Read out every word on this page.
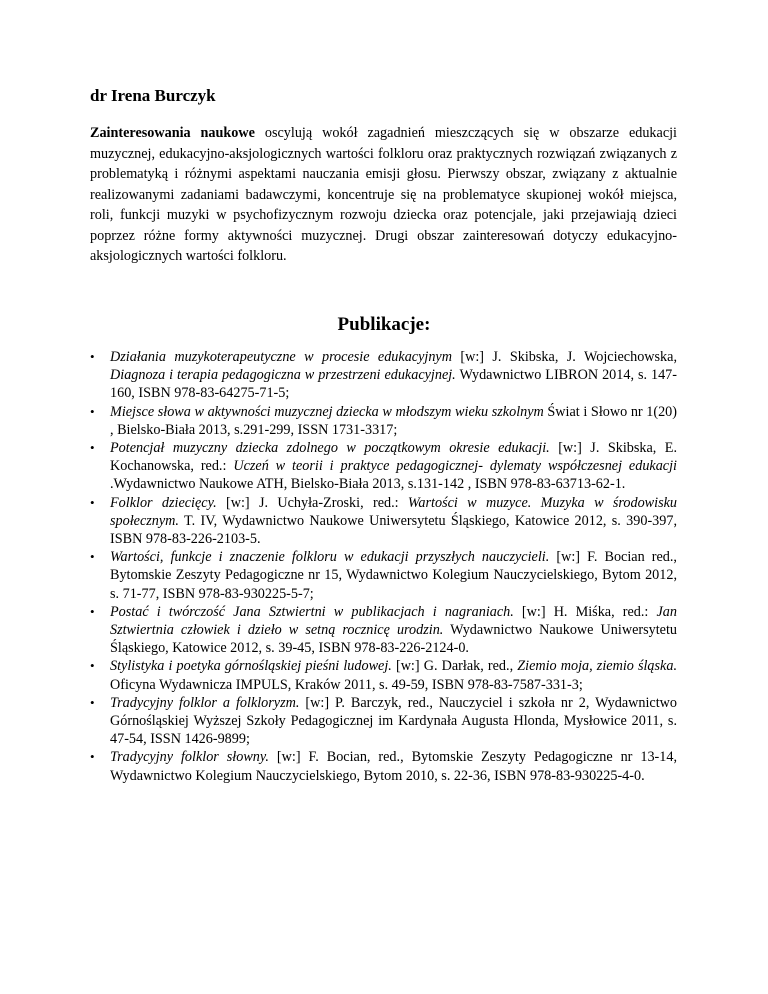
dr Irena Burczyk

Zainteresowania naukowe oscylują wokół zagadnień mieszczących się w obszarze edukacji muzycznej, edukacyjno-aksjologicznych wartości folkloru oraz praktycznych rozwiązań związanych z problematyką i różnymi aspektami nauczania emisji głosu. Pierwszy obszar, związany z aktualnie realizowanymi zadaniami badawczymi, koncentruje się na problematyce skupionej wokół miejsca, roli, funkcji muzyki w psychofizycznym rozwoju dziecka oraz potencjale, jaki przejawiają dzieci poprzez różne formy aktywności muzycznej. Drugi obszar zainteresowań dotyczy edukacyjno-aksjologicznych wartości folkloru.

Publikacje:
• Działania muzykoterapeutyczne w procesie edukacyjnym [w:] J. Skibska, J. Wojciechowska, Diagnoza i terapia pedagogiczna w przestrzeni edukacyjnej. Wydawnictwo LIBRON 2014, s. 147-160, ISBN 978-83-64275-71-5;
• Miejsce słowa w aktywności muzycznej dziecka w młodszym wieku szkolnym Świat i Słowo nr 1(20) , Bielsko-Biała 2013, s.291-299, ISSN 1731-3317;
• Potencjał muzyczny dziecka zdolnego w początkowym okresie edukacji. [w:] J. Skibska, E. Kochanowska, red.: Uczeń w teorii i praktyce pedagogicznej- dylematy współczesnej edukacji .Wydawnictwo Naukowe ATH, Bielsko-Biała 2013, s.131-142 , ISBN 978-83-63713-62-1.
• Folklor dziecięcy. [w:] J. Uchyła-Zroski, red.: Wartości w muzyce. Muzyka w środowisku społecznym. T. IV, Wydawnictwo Naukowe Uniwersytetu Śląskiego, Katowice 2012, s. 390-397, ISBN 978-83-226-2103-5.
• Wartości, funkcje i znaczenie folkloru w edukacji przyszłych nauczycieli. [w:] F. Bocian red., Bytomskie Zeszyty Pedagogiczne nr 15, Wydawnictwo Kolegium Nauczycielskiego, Bytom 2012, s. 71-77, ISBN 978-83-930225-5-7;
• Postać i twórczość Jana Sztwiertni w publikacjach i nagraniach. [w:] H. Miśka, red.: Jan Sztwiertnia człowiek i dzieło w setną rocznicę urodzin. Wydawnictwo Naukowe Uniwersytetu Śląskiego, Katowice 2012, s. 39-45, ISBN 978-83-226-2124-0.
• Stylistyka i poetyka górnośląskiej pieśni ludowej. [w:] G. Darłak, red., Ziemio moja, ziemio śląska. Oficyna Wydawnicza IMPULS, Kraków 2011, s. 49-59, ISBN 978-83-7587-331-3;
• Tradycyjny folklor a folkloryzm. [w:] P. Barczyk, red., Nauczyciel i szkoła nr 2, Wydawnictwo Górnośląskiej Wyższej Szkoły Pedagogicznej im Kardynała Augusta Hlonda, Mysłowice 2011, s. 47-54, ISSN 1426-9899;
• Tradycyjny folklor słowny. [w:] F. Bocian, red., Bytomskie Zeszyty Pedagogiczne nr 13-14, Wydawnictwo Kolegium Nauczycielskiego, Bytom 2010, s. 22-36, ISBN 978-83-930225-4-0.
